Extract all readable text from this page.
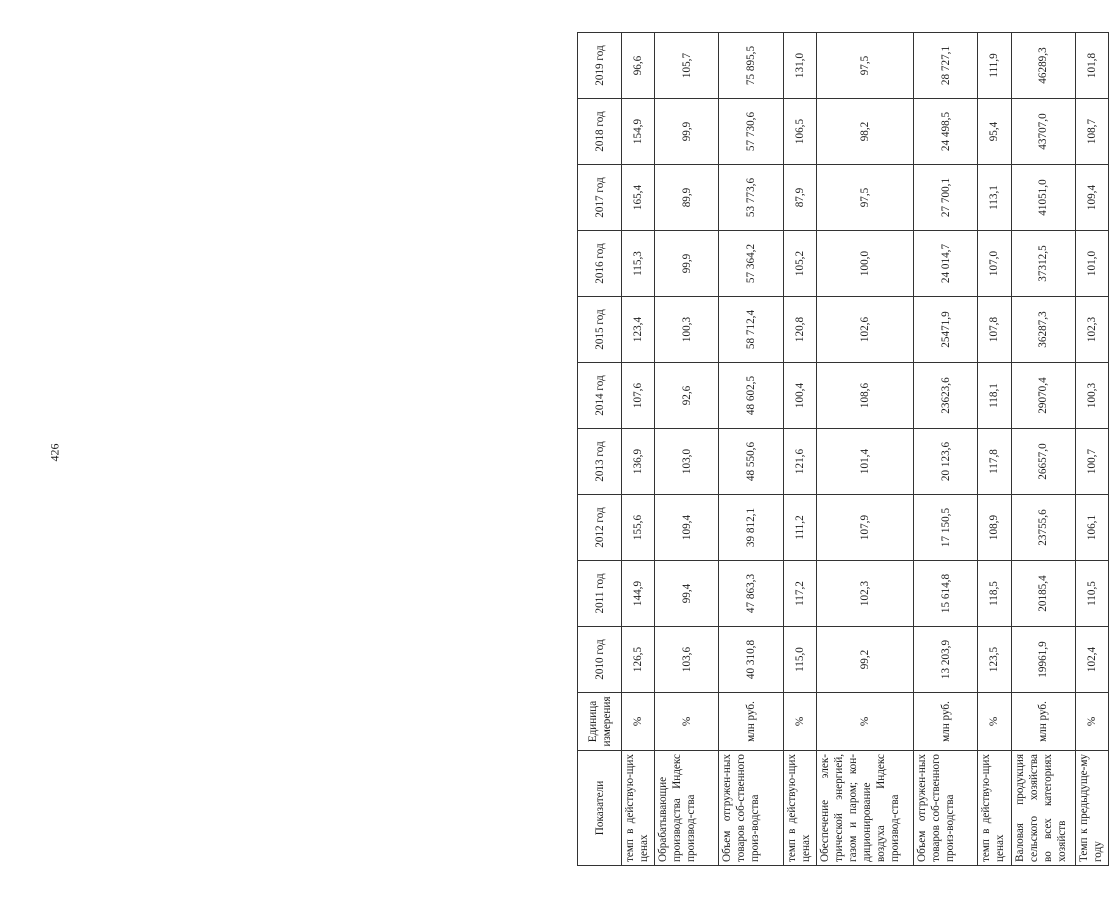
426
Показатели	Единица измерения	2010 год	2011 год	2012 год	2013 год	2014 год	2015 год	2016 год	2017 год	2018 год	2019 год
темп в действую-щих ценах	%	126,5	144,9	155,6	136,9	107,6	123,4	115,3	165,4	154,9	96,6
Обрабатывающие производства Индекс производ-ства	%	103,6	99,4	109,4	103,0	92,6	100,3	99,9	89,9	99,9	105,7
Объем отгружен-ных товаров соб-ственного произ-водства	млн руб.	40 310,8	47 863,3	39 812,1	48 550,6	48 602,5	58 712,4	57 364,2	53 773,6	57 730,6	75 895,5
темп в действую-щих ценах	%	115,0	117,2	111,2	121,6	100,4	120,8	105,2	87,9	106,5	131,0
Обеспечение элек-трической энергией, газом и паром; кон-диционирование воздуха Индекс производ-ства	%	99,2	102,3	107,9	101,4	108,6	102,6	100,0	97,5	98,2	97,5
Объем отгружен-ных товаров соб-ственного произ-водства	млн руб.	13 203,9	15 614,8	17 150,5	20 123,6	23623,6	25471,9	24 014,7	27 700,1	24 498,5	28 727,1
темп в действую-щих ценах	%	123,5	118,5	108,9	117,8	118,1	107,8	107,0	113,1	95,4	111,9
Валовая продукция сельского хозяйства во всех категориях хозяйств	млн руб.	19961,9	20185,4	23755,6	26657,0	29070,4	36287,3	37312,5	41051,0	43707,0	46289,3
Темп к предыдуще-му году	%	102,4	110,5	106,1	100,7	100,3	102,3	101,0	109,4	108,7	101,8
